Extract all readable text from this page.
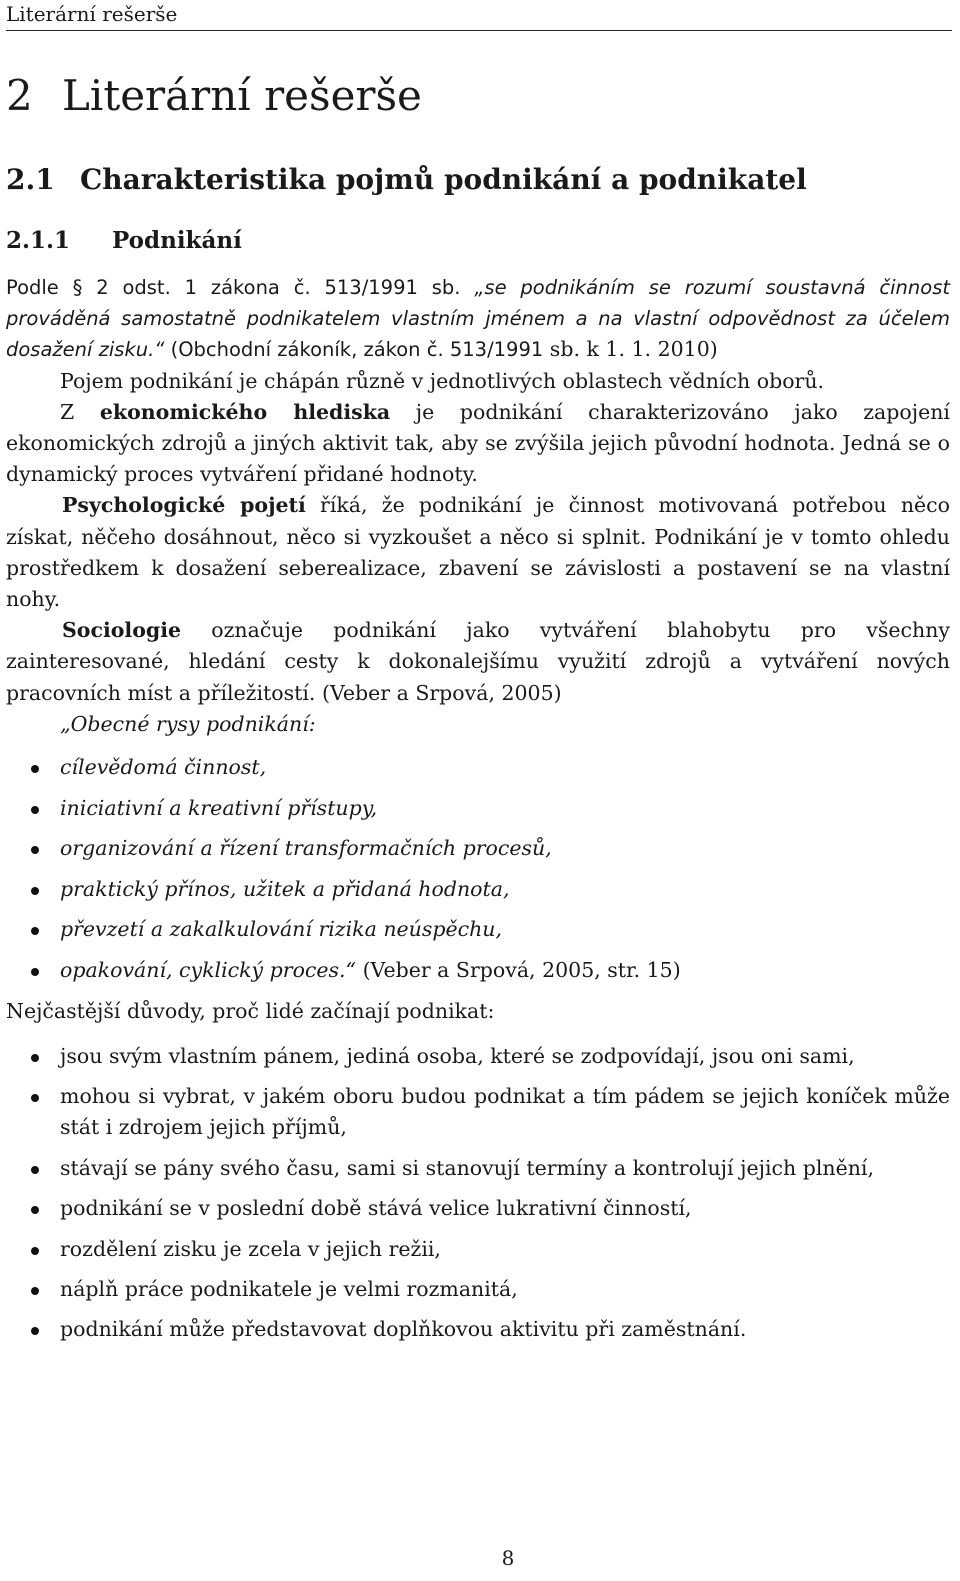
Literární rešerše
2 Literární rešerše
2.1 Charakteristika pojmů podnikání a podnikatel
2.1.1 Podnikání

Podle § 2 odst. 1 zákona č. 513/1991 sb. „se podnikáním se rozumí soustavná činnost prováděná samostatně podnikatelem vlastním jménem a na vlastní odpovědnost za účelem dosažení zisku.“ (Obchodní zákoník, zákon č. 513/1991 sb. k 1. 1. 2010)

Pojem podnikání je chápán různě v jednotlivých oblastech vědních oborů.

Z ekonomického hlediska je podnikání charakterizováno jako zapojení ekonomických zdrojů a jiných aktivit tak, aby se zvýšila jejich původní hodnota. Jedná se o dynamický proces vytváření přidané hodnoty.

Psychologické pojetí říká, že podnikání je činnost motivovaná potřebou něco získat, něčeho dosáhnout, něco si vyzkoušet a něco si splnit. Podnikání je v tomto ohledu prostředkem k dosažení seberealizace, zbavení se závislosti a postavení se na vlastní nohy.

Sociologie označuje podnikání jako vytváření blahobytu pro všechny zainteresované, hledání cesty k dokonalejšímu využití zdrojů a vytváření nových pracovních míst a příležitostí. (Veber a Srpová, 2005)

„Obecné rysy podnikání:

cílevědomá činnost,
iniciativní a kreativní přístupy,
organizování a řízení transformačních procesů,
praktický přínos, užitek a přidaná hodnota,
převzetí a zakalkulování rizika neúspěchu,
opakování, cyklický proces.“ (Veber a Srpová, 2005, str. 15)

Nejčastější důvody, proč lidé začínají podnikat:

jsou svým vlastním pánem, jediná osoba, které se zodpovídají, jsou oni sami,
mohou si vybrat, v jakém oboru budou podnikat a tím pádem se jejich koníček může stát i zdrojem jejich příjmů,
stávají se pány svého času, sami si stanovují termíny a kontrolují jejich plnění,
podnikání se v poslední době stává velice lukrativní činností,
rozdělení zisku je zcela v jejich režii,
náplň práce podnikatele je velmi rozmanitá,
podnikání může představovat doplňkovou aktivitu při zaměstnání.
8
